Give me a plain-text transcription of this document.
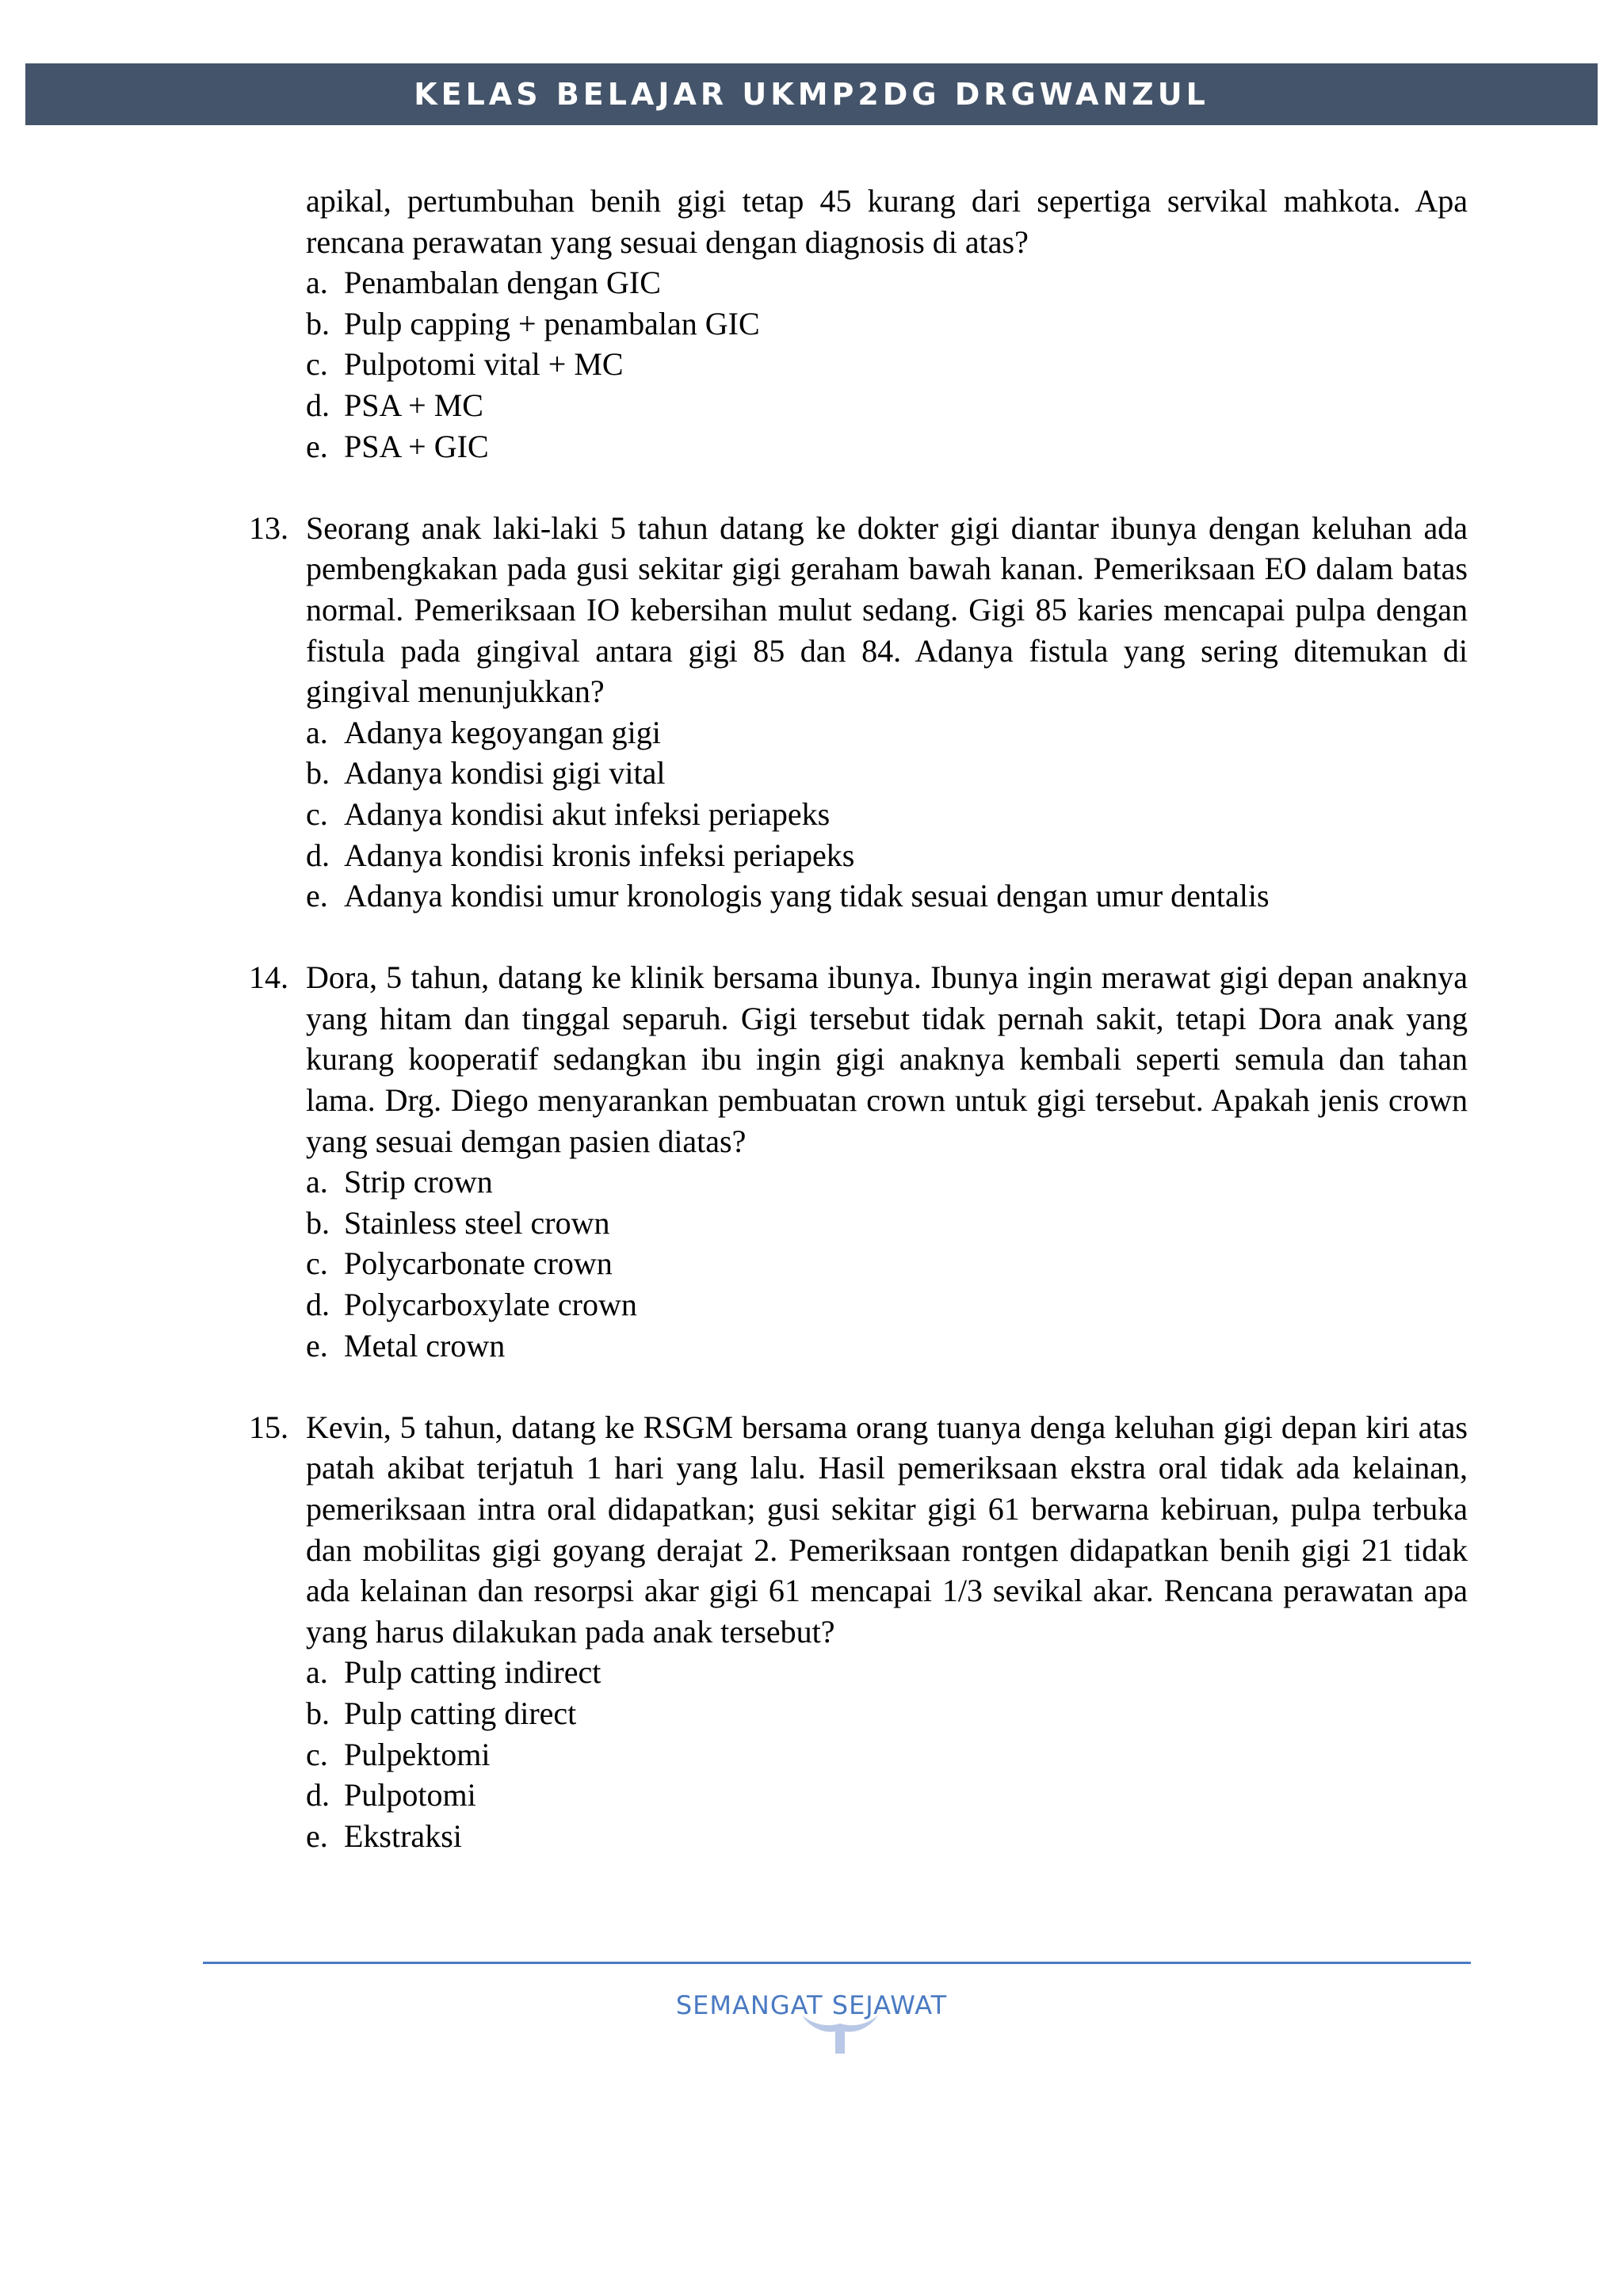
KELAS BELAJAR UKMP2DG DRGWANZUL
apikal, pertumbuhan benih gigi tetap 45 kurang dari sepertiga servikal mahkota. Apa rencana perawatan yang sesuai dengan diagnosis di atas?
a. Penambalan dengan GIC
b. Pulp capping + penambalan GIC
c. Pulpotomi vital + MC
d. PSA + MC
e. PSA + GIC
13. Seorang anak laki-laki 5 tahun datang ke dokter gigi diantar ibunya dengan keluhan ada pembengkakan pada gusi sekitar gigi geraham bawah kanan. Pemeriksaan EO dalam batas normal. Pemeriksaan IO kebersihan mulut sedang. Gigi 85 karies mencapai pulpa dengan fistula pada gingival antara gigi 85 dan 84. Adanya fistula yang sering ditemukan di gingival menunjukkan?
a. Adanya kegoyangan gigi
b. Adanya kondisi gigi vital
c. Adanya kondisi akut infeksi periapeks
d. Adanya kondisi kronis infeksi periapeks
e. Adanya kondisi umur kronologis yang tidak sesuai dengan umur dentalis
14. Dora, 5 tahun, datang ke klinik bersama ibunya. Ibunya ingin merawat gigi depan anaknya yang hitam dan tinggal separuh. Gigi tersebut tidak pernah sakit, tetapi Dora anak yang kurang kooperatif sedangkan ibu ingin gigi anaknya kembali seperti semula dan tahan lama. Drg. Diego menyarankan pembuatan crown untuk gigi tersebut. Apakah jenis crown yang sesuai demgan pasien diatas?
a. Strip crown
b. Stainless steel crown
c. Polycarbonate crown
d. Polycarboxylate crown
e. Metal crown
15. Kevin, 5 tahun, datang ke RSGM bersama orang tuanya denga keluhan gigi depan kiri atas patah akibat terjatuh 1 hari yang lalu. Hasil pemeriksaan ekstra oral tidak ada kelainan, pemeriksaan intra oral didapatkan; gusi sekitar gigi 61 berwarna kebiruan, pulpa terbuka dan mobilitas gigi goyang derajat 2. Pemeriksaan rontgen didapatkan benih gigi 21 tidak ada kelainan dan resorpsi akar gigi 61 mencapai 1/3 sevikal akar. Rencana perawatan apa yang harus dilakukan pada anak tersebut?
a. Pulp catting indirect
b. Pulp catting direct
c. Pulpektomi
d. Pulpotomi
e. Ekstraksi
SEMANGAT SEJAWAT
